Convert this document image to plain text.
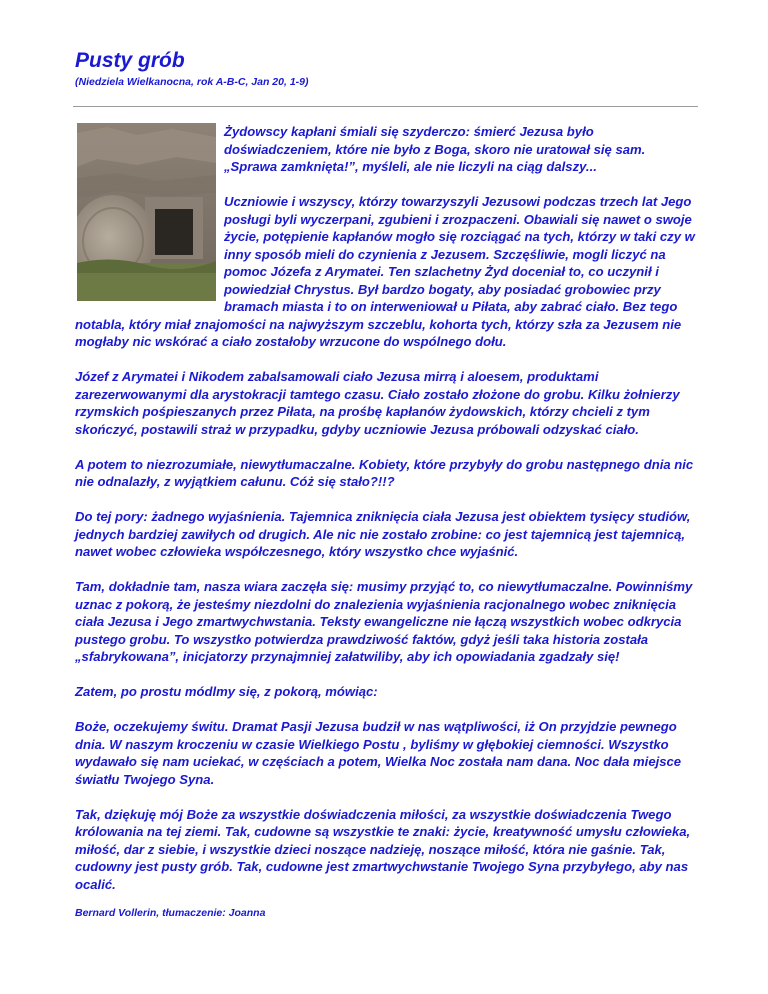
Pusty grób
(Niedziela Wielkanocna, rok A-B-C, Jan 20, 1-9)

Żydowscy kapłani śmiali się szyderczo: śmierć Jezusa było doświadczeniem, które nie było z Boga, skoro nie uratował się sam. „Sprawa zamknięta!”, myśleli, ale nie liczyli na ciąg dalszy...

Uczniowie i wszyscy, którzy towarzyszyli Jezusowi podczas trzech lat Jego posługi byli wyczerpani, zgubieni i zrozpaczeni. Obawiali się nawet o swoje życie, potępienie kapłanów mogło się rozciągać na tych, którzy w taki czy w inny sposób mieli do czynienia z Jezusem. Szczęśliwie, mogli liczyć na pomoc Józefa z Arymatei. Ten szlachetny Żyd doceniał to, co uczynił i powiedział Chrystus. Był bardzo bogaty, aby posiadać grobowiec przy bramach miasta i to on interweniował u Piłata, aby zabrać ciało. Bez tego notabla, który miał znajomości na najwyższym szczeblu, kohorta tych, którzy szła za Jezusem nie mogłaby nic wskórać a ciało zostałoby wrzucone do wspólnego dołu.

Józef z Arymatei i Nikodem zabalsamowali ciało Jezusa mirrą i aloesem, produktami zarezerwowanymi dla arystokracji tamtego czasu. Ciało zostało złożone do grobu. Kilku żołnierzy rzymskich pośpieszanych przez Piłata, na prośbę kapłanów żydowskich, którzy chcieli z tym skończyć, postawili straż w przypadku, gdyby uczniowie Jezusa próbowali odzyskać ciało.

A potem to niezrozumiałe, niewytłumaczalne. Kobiety, które przybyły do grobu następnego dnia nic nie odnalazły, z wyjątkiem całunu. Cóż się stało?!!?

Do tej pory: żadnego wyjaśnienia. Tajemnica zniknięcia ciała Jezusa jest obiektem tysięcy studiów, jednych bardziej zawiłych od drugich. Ale nic nie zostało zrobine: co jest tajemnicą jest tajemnicą, nawet wobec człowieka współczesnego, który wszystko chce wyjaśnić.

Tam, dokładnie tam, nasza wiara zaczęła się: musimy przyjąć to, co niewytłumaczalne. Powinniśmy uznac z pokorą, że jesteśmy niezdolni do znalezienia wyjaśnienia racjonalnego wobec zniknięcia ciała Jezusa i Jego zmartwychwstania. Teksty ewangeliczne nie łączą wszystkich wobec odkrycia pustego grobu. To wszystko potwierdza prawdziwość faktów, gdyż jeśli taka historia została „sfabrykowana”, inicjatorzy przynajmniej załatwiliby, aby ich opowiadania zgadzały się!

Zatem, po prostu módlmy się, z pokorą, mówiąc:

Boże, oczekujemy świtu. Dramat Pasji Jezusa budził w nas wątpliwości, iż On przyjdzie pewnego dnia. W naszym kroczeniu w czasie Wielkiego Postu , byliśmy w głębokiej ciemności. Wszystko wydawało się nam uciekać, w częściach a potem, Wielka Noc została nam dana. Noc dała miejsce światłu Twojego Syna.

Tak, dziękuję mój Boże za wszystkie doświadczenia miłości, za wszystkie doświadczenia Twego królowania na tej ziemi. Tak, cudowne są wszystkie te znaki: życie, kreatywność umysłu człowieka, miłość, dar z siebie, i wszystkie dzieci noszące nadzieję, noszące miłość, która nie gaśnie. Tak, cudowny jest pusty grób. Tak, cudowne jest zmartwychwstanie Twojego Syna przybyłego, aby nas ocalić.

Bernard Vollerin, tłumaczenie: Joanna
